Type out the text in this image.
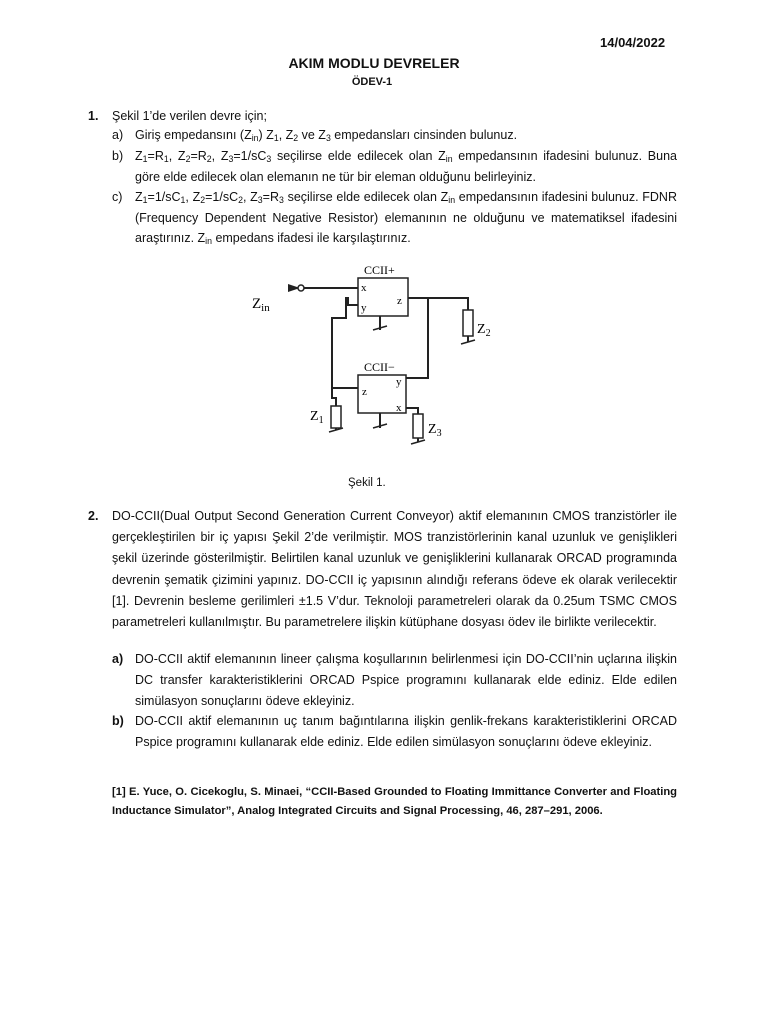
14/04/2022
AKIM MODLU DEVRELER
ÖDEV-1
1. Şekil 1’de verilen devre için;
a) Giriş empedansını $(Z_{in})$ $Z_1$, $Z_2$ ve $Z_3$ empedansları cinsinden bulunuz.
b) $Z_1=R_1$, $Z_2=R_2$, $Z_3=1/sC_3$ seçilirse elde edilecek olan $Z_{in}$ empedansının ifadesini bulunuz. Buna göre elde edilecek olan elemanın ne tür bir eleman olduğunu belirleyiniz.
c) $Z_1=1/sC_1$, $Z_2=1/sC_2$, $Z_3=R_3$ seçilirse elde edilecek olan $Z_{in}$ empedansının ifadesini bulunuz. FDNR (Frequency Dependent Negative Resistor) elemanının ne olduğunu ve matematiksel ifadesini araştırınız. $Z_{in}$ empedans ifadesi ile karşılaştırınız.
CCII+
CCII−
x
y
z
z
y
x
$Z_{in}$
$Z_2$
$Z_1$
$Z_3$
Şekil 1.
2. DO-CCII(Dual Output Second Generation Current Conveyor) aktif elemanının CMOS tranzistörler ile gerçekleştirilen bir iç yapısı Şekil 2’de verilmiştir. MOS tranzistörlerinin kanal uzunluk ve genişlikleri şekil üzerinde gösterilmiştir. Belirtilen kanal uzunluk ve genişliklerini kullanarak ORCAD programında devrenin şematik çizimini yapınız. DO-CCII iç yapısının alındığı referans ödeve ek olarak verilecektir [1]. Devrenin besleme gerilimleri ±1.5 V’dur. Teknoloji parametreleri olarak da 0.25um TSMC CMOS parametreleri kullanılmıştır. Bu parametrelere ilişkin kütüphane dosyası ödev ile birlikte verilecektir.
a) DO-CCII aktif elemanının lineer çalışma koşullarının belirlenmesi için DO-CCII’nin uçlarına ilişkin DC transfer karakteristiklerini ORCAD Pspice programını kullanarak elde ediniz. Elde edilen simülasyon sonuçlarını ödeve ekleyiniz.
b) DO-CCII aktif elemanının uç tanım bağıntılarına ilişkin genlik-frekans karakteristiklerini ORCAD Pspice programını kullanarak elde ediniz. Elde edilen simülasyon sonuçlarını ödeve ekleyiniz.
[1] E. Yuce, O. Cicekoglu, S. Minaei, “CCII-Based Grounded to Floating Immittance Converter and Floating Inductance Simulator”, Analog Integrated Circuits and Signal Processing, 46, 287–291, 2006.
